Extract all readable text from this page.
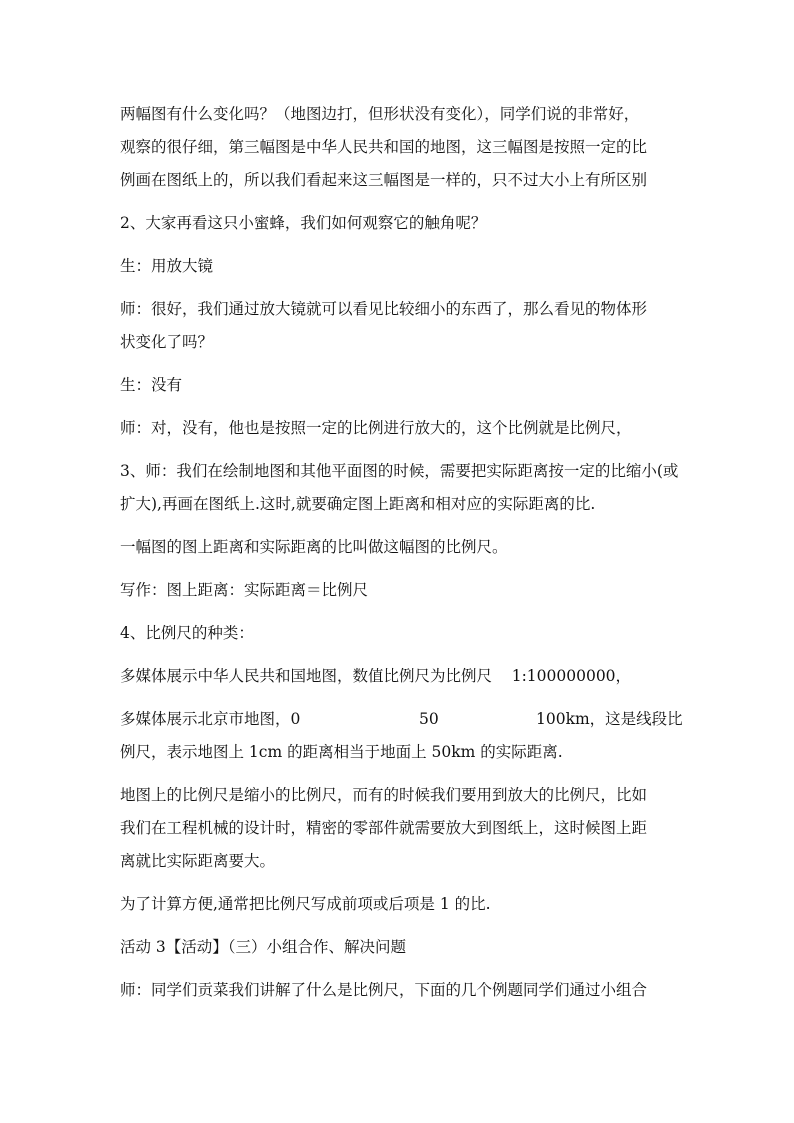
两幅图有什么变化吗？（地图边打，但形状没有变化），同学们说的非常好，
观察的很仔细，第三幅图是中华人民共和国的地图，这三幅图是按照一定的比
例画在图纸上的，所以我们看起来这三幅图是一样的，只不过大小上有所区别

2、大家再看这只小蜜蜂，我们如何观察它的触角呢？

生：用放大镜

师：很好，我们通过放大镜就可以看见比较细小的东西了，那么看见的物体形
状变化了吗？

生：没有

师：对，没有，他也是按照一定的比例进行放大的，这个比例就是比例尺，

3、师：我们在绘制地图和其他平面图的时候，需要把实际距离按一定的比缩小(或
扩大),再画在图纸上.这时,就要确定图上距离和相对应的实际距离的比.

一幅图的图上距离和实际距离的比叫做这幅图的比例尺。

写作：图上距离：实际距离＝比例尺

4、比例尺的种类：

多媒体展示中华人民共和国地图，数值比例尺为比例尺    1:100000000，

多媒体展示北京市地图，0	50	100km，这是线段比
例尺，表示地图上 1cm 的距离相当于地面上 50km 的实际距离.

地图上的比例尺是缩小的比例尺，而有的时候我们要用到放大的比例尺，比如
我们在工程机械的设计时，精密的零部件就需要放大到图纸上，这时候图上距
离就比实际距离要大。

为了计算方便,通常把比例尺写成前项或后项是 1 的比.

活动 3【活动】（三）小组合作、解决问题

师：同学们贡菜我们讲解了什么是比例尺，下面的几个例题同学们通过小组合
